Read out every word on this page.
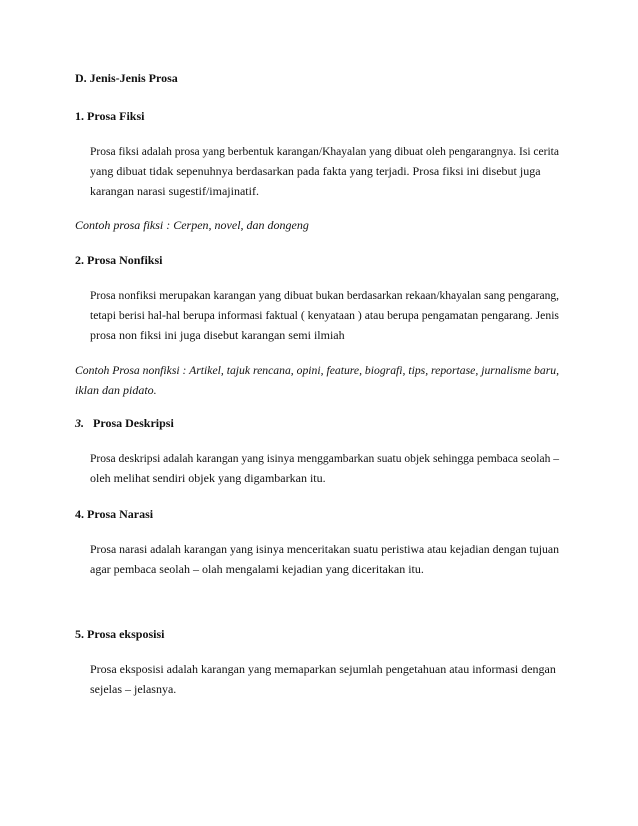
D. Jenis-Jenis Prosa
1. Prosa Fiksi
Prosa fiksi adalah prosa yang berbentuk karangan/Khayalan yang dibuat oleh pengarangnya. Isi cerita
yang dibuat tidak sepenuhnya berdasarkan pada fakta yang terjadi. Prosa fiksi ini disebut juga
karangan narasi sugestif/imajinatif.
Contoh prosa fiksi : Cerpen, novel, dan dongeng
2. Prosa Nonfiksi
Prosa nonfiksi merupakan karangan yang dibuat bukan berdasarkan rekaan/khayalan sang pengarang,
tetapi berisi hal-hal berupa informasi faktual ( kenyataan ) atau berupa pengamatan pengarang. Jenis
prosa non fiksi ini juga disebut karangan semi ilmiah
Contoh Prosa nonfiksi : Artikel, tajuk rencana, opini, feature, biografi, tips, reportase, jurnalisme baru,
iklan dan pidato.
3. Prosa Deskripsi
Prosa deskripsi adalah karangan yang isinya menggambarkan suatu objek sehingga pembaca seolah –
oleh melihat sendiri objek yang digambarkan itu.
4. Prosa Narasi
Prosa narasi adalah karangan yang isinya menceritakan suatu peristiwa atau kejadian dengan tujuan
agar pembaca seolah – olah mengalami kejadian yang diceritakan itu.
5. Prosa eksposisi
Prosa eksposisi adalah karangan yang memaparkan sejumlah pengetahuan atau informasi dengan
sejelas – jelasnya.
